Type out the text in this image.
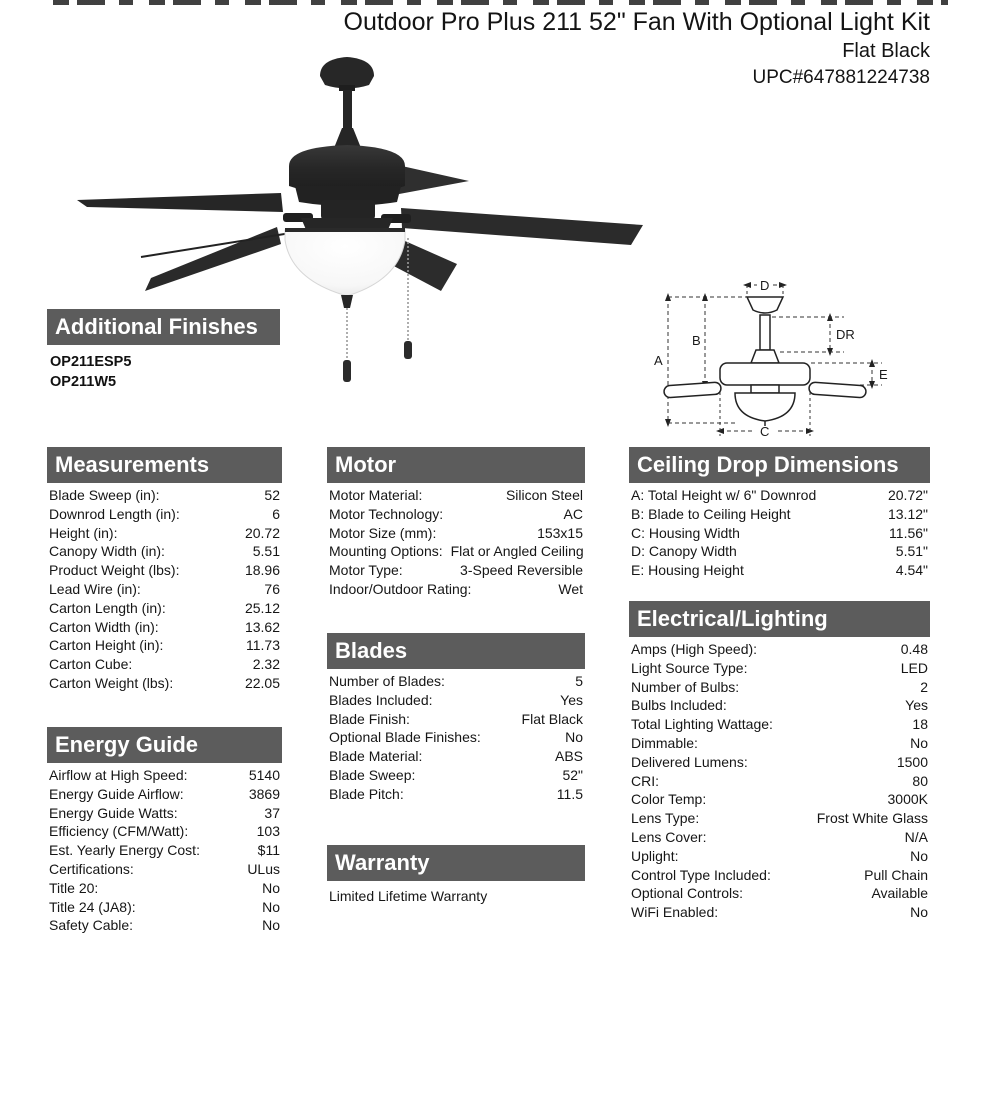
Outdoor Pro Plus 211 52" Fan With Optional Light Kit
Flat Black
UPC#647881224738
Additional Finishes
OP211ESP5
OP211W5
D
A
B	DR
E
C
Measurements
Blade Sweep (in):	52
Downrod Length (in):	6
Height (in):	20.72
Canopy Width (in):	5.51
Product Weight (lbs):	18.96
Lead Wire (in):	76
Carton Length (in):	25.12
Carton Width (in):	13.62
Carton Height (in):	11.73
Carton Cube:	2.32
Carton Weight (lbs):	22.05
Energy Guide
Airflow at High Speed:	5140
Energy Guide Airflow:	3869
Energy Guide Watts:	37
Efficiency (CFM/Watt):	103
Est. Yearly Energy Cost:	$11
Certifications:	ULus
Title 20:	No
Title 24 (JA8):	No
Safety Cable:	No
Motor
Motor Material:	Silicon Steel
Motor Technology:	AC
Motor Size (mm):	153x15
Mounting Options: Flat or Angled Ceiling
Motor Type:	3-Speed Reversible
Indoor/Outdoor Rating:	Wet
Blades
Number of Blades:	5
Blades Included:	Yes
Blade Finish:	Flat Black
Optional Blade Finishes:	No
Blade Material:	ABS
Blade Sweep:	52"
Blade Pitch:	11.5
Warranty
Limited Lifetime Warranty
Ceiling Drop Dimensions
A: Total Height w/ 6" Downrod	20.72"
B: Blade to Ceiling Height	13.12"
C: Housing Width	11.56"
D: Canopy Width	5.51"
E: Housing Height	4.54"
Electrical/Lighting
Amps (High Speed):	0.48
Light Source Type:	LED
Number of Bulbs:	2
Bulbs Included:	Yes
Total Lighting Wattage:	18
Dimmable:	No
Delivered Lumens:	1500
CRI:	80
Color Temp:	3000K
Lens Type:	Frost White Glass
Lens Cover:	N/A
Uplight:	No
Control Type Included:	Pull Chain
Optional Controls:	Available
WiFi Enabled:	No
